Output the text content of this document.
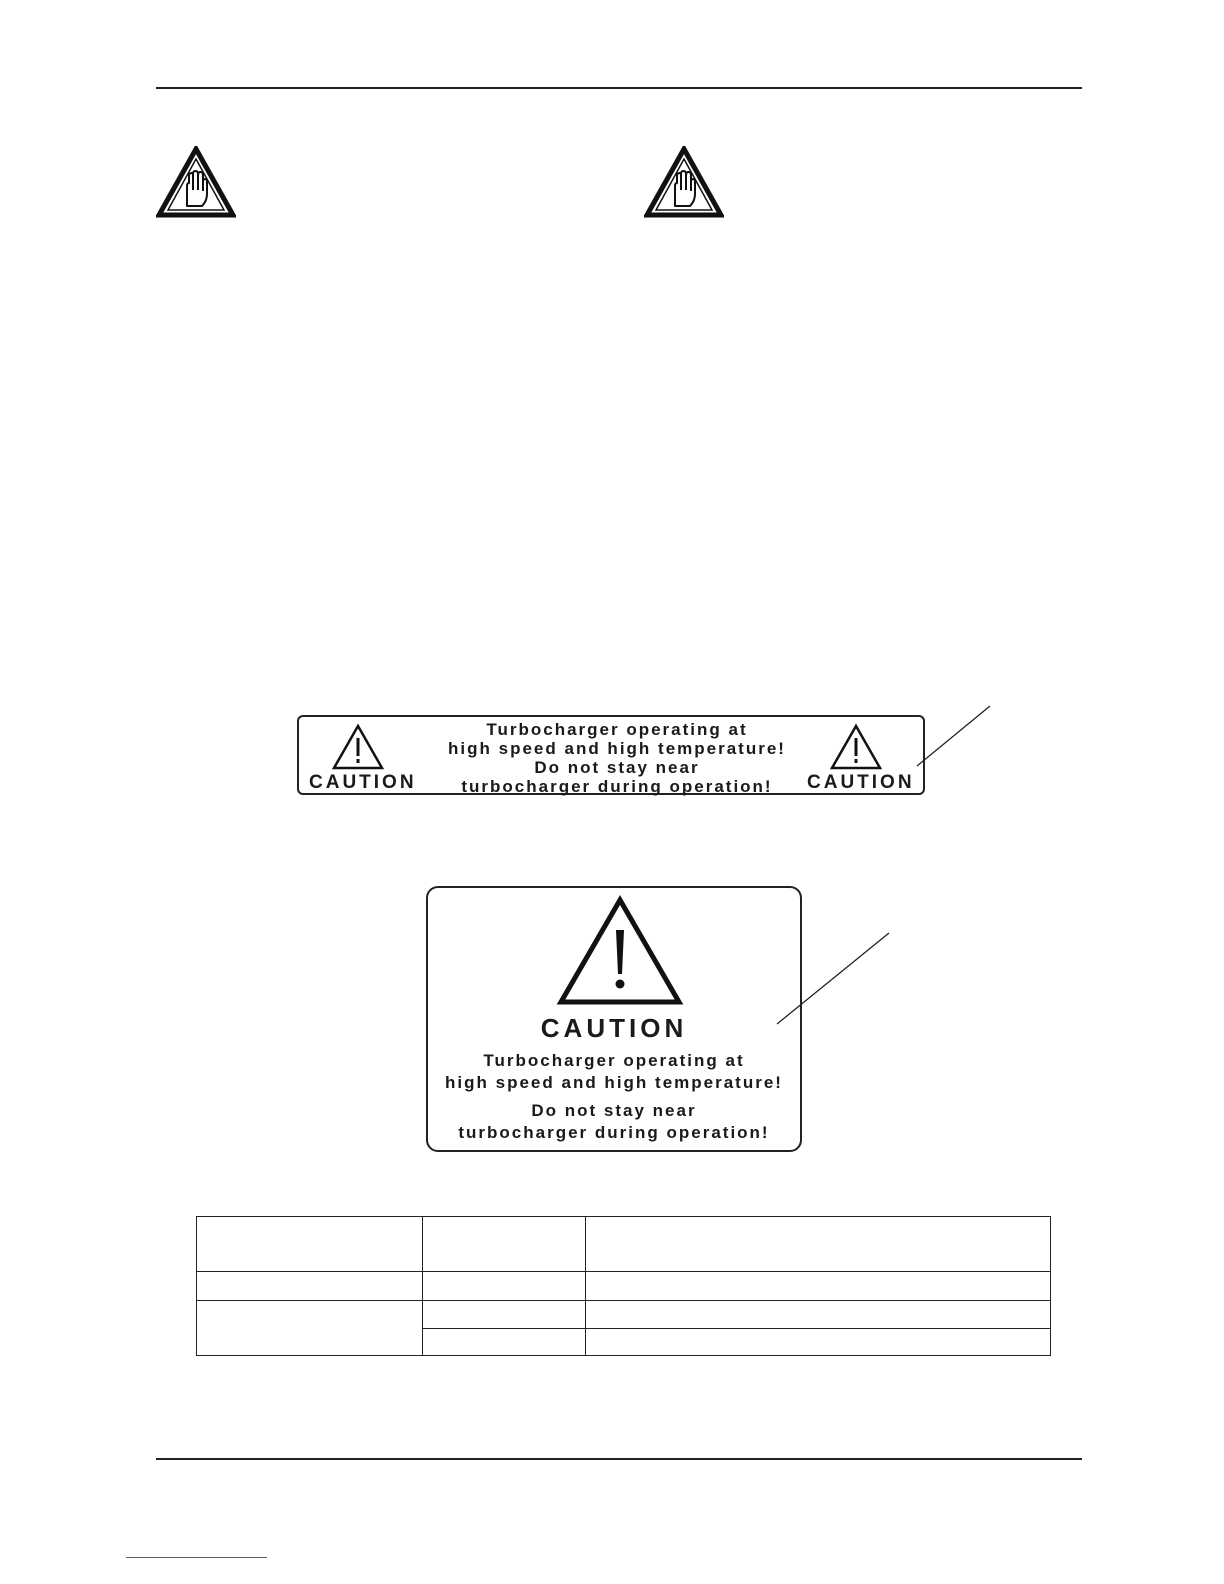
CAUTION
Turbocharger operating at
high speed and high temperature!
Do not stay near
turbocharger during operation!	CAUTION
CAUTION
Turbocharger operating at
high speed and high temperature!
Do not stay near
turbocharger during operation!
